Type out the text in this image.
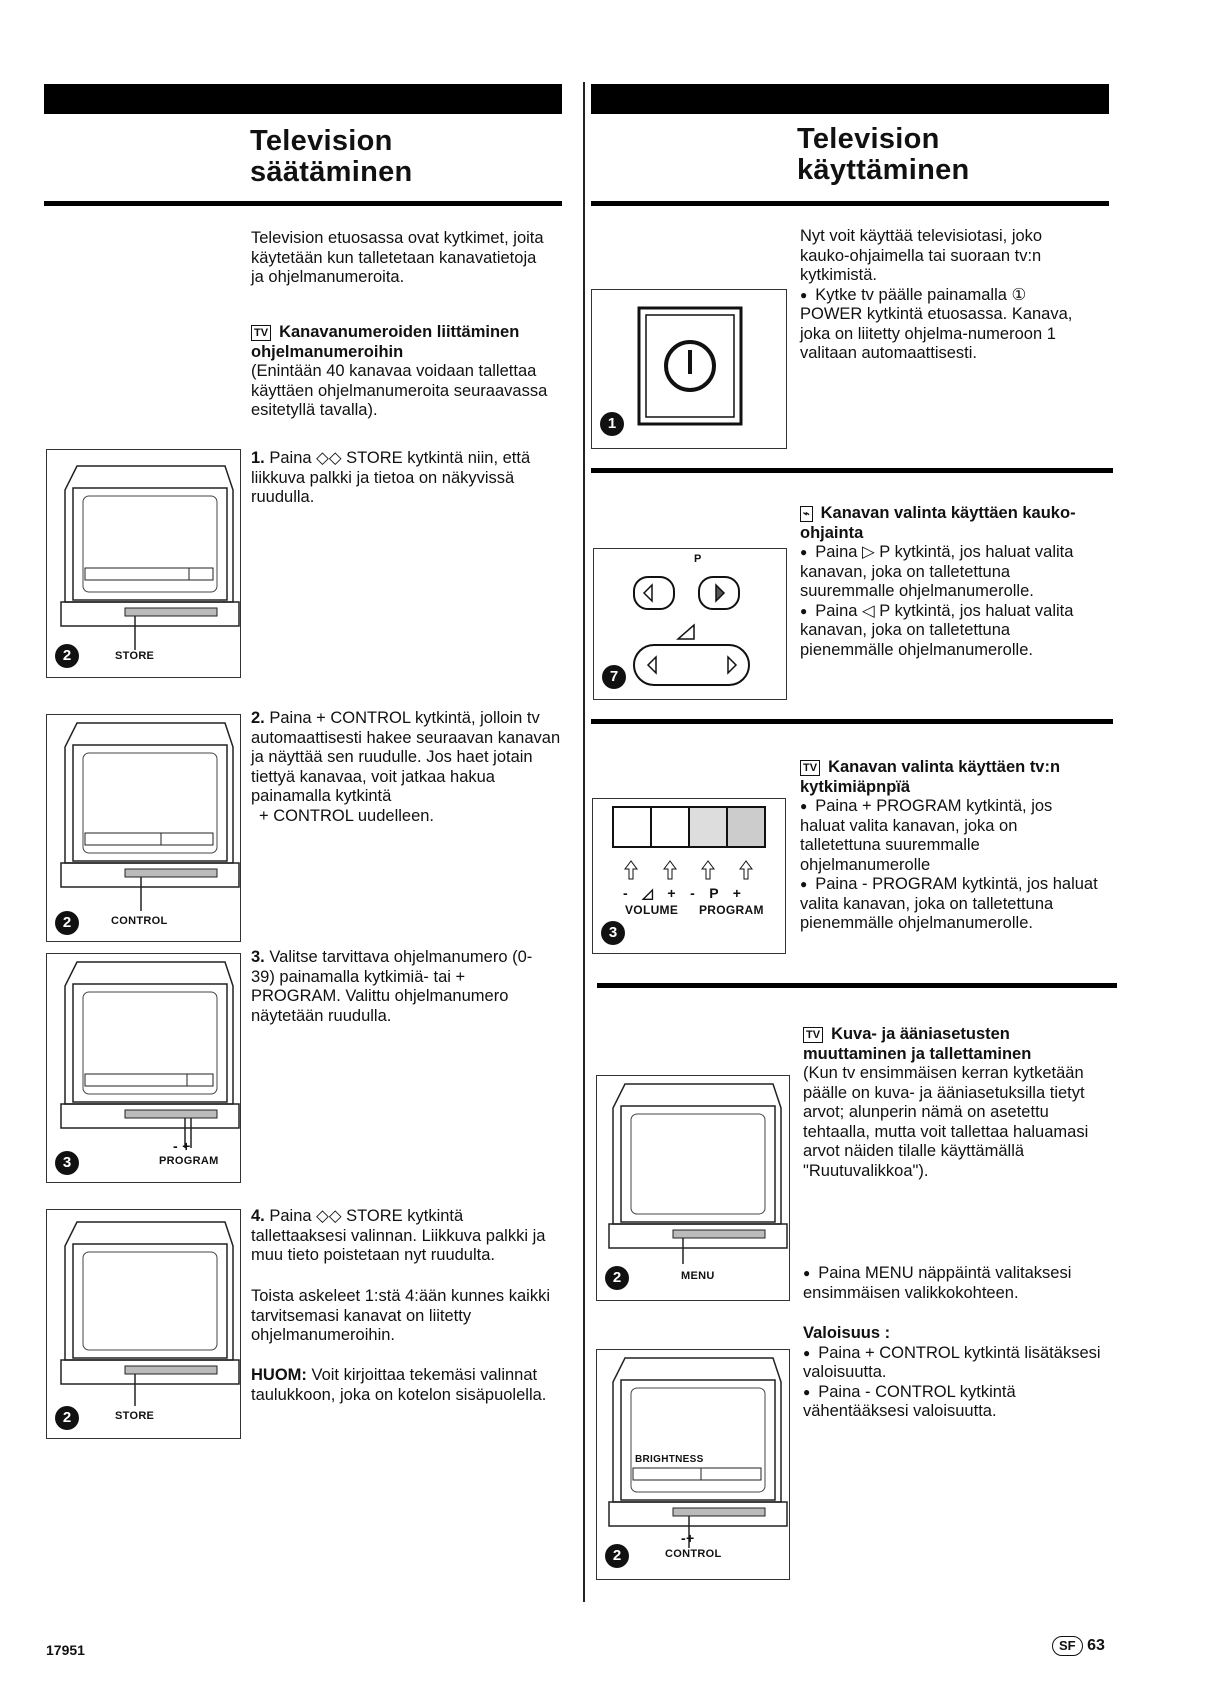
Television
säätäminen
Television etuosassa ovat kytkimet, joita käytetään kun talletetaan kanavatietoja ja ohjelmanumeroita.

TV Kanavanumeroiden liittäminen ohjelmanumeroihin

(Enintään 40 kanavaa voidaan tallettaa käyttäen ohjelmanumeroita seuraavassa esitetyllä tavalla).

1. Paina ◇◇ STORE kytkintä niin, että liikkuva palkki ja tietoa on näkyvissä ruudulla.
2. Paina + CONTROL kytkintä, jolloin tv automaattisesti hakee seuraavan kanavan ja näyttää sen ruudulle. Jos haet jotain tiettyä kanavaa, voit jatkaa hakua painamalla kytkintä

+ CONTROL uudelleen.

3. Valitse tarvittava ohjelmanumero (0-39) painamalla kytkimiä- tai + PROGRAM. Valittu ohjelmanumero näytetään ruudulla.
4. Paina ◇◇ STORE kytkintä tallettaaksesi valinnan. Liikkuva palkki ja muu tieto poistetaan nyt ruudulta.
Toista askeleet 1:stä 4:ään kunnes kaikki tarvitsemasi kanavat on liitetty ohjelmanumeroihin.
HUOM: Voit kirjoittaa tekemäsi valinnat taulukkoon, joka on kotelon sisäpuolella.
2	STORE
2	CONTROL
- +
3	PROGRAM
2	STORE
Television
käyttäminen

Nyt voit käyttää televisiotasi, joko kauko-ohjaimella tai suoraan tv:n kytkimistä.

● Kytke tv päälle painamalla ① POWER kytkintä etuosassa. Kanava, joka on liitetty ohjelma-numeroon 1 valitaan automaattisesti.

1

⌁ Kanavan valinta käyttäen kauko-ohjainta

● Paina ▷ P kytkintä, jos haluat valita kanavan, joka on talletettuna suuremmalle ohjelmanumerolle.

● Paina ◁ P kytkintä, jos haluat valita kanavan, joka on talletettuna pienemmälle ohjelmanumerolle.

P
7

TV Kanavan valinta käyttäen tv:n kytkimiäpnpïä

● Paina + PROGRAM kytkintä, jos haluat valita kanavan, joka on talletettuna suuremmalle ohjelmanumerolle

● Paina - PROGRAM kytkintä, jos haluat valita kanavan, joka on talletettuna pienemmälle ohjelmanumerolle.

- ◿ + - P +
VOLUME PROGRAM
3

TV Kuva- ja ääniasetusten muuttaminen ja tallettaminen

(Kun tv ensimmäisen kerran kytketään päälle on kuva- ja ääniasetuksilla tietyt arvot; alunperin nämä on asetettu tehtaalla, mutta voit tallettaa haluamasi arvot näiden tilalle käyttämällä "Ruutuvalikkoa").

2	MENU

●	Paina MENU näppäintä valitaksesi ensimmäisen valikkokohteen.

Valoisuus :

● Paina + CONTROL kytkintä lisätäksesi valoisuutta.

● Paina - CONTROL kytkintä vähentääksesi valoisuutta.

BRIGHTNESS
-+
2	CONTROL
17951	SF 63
